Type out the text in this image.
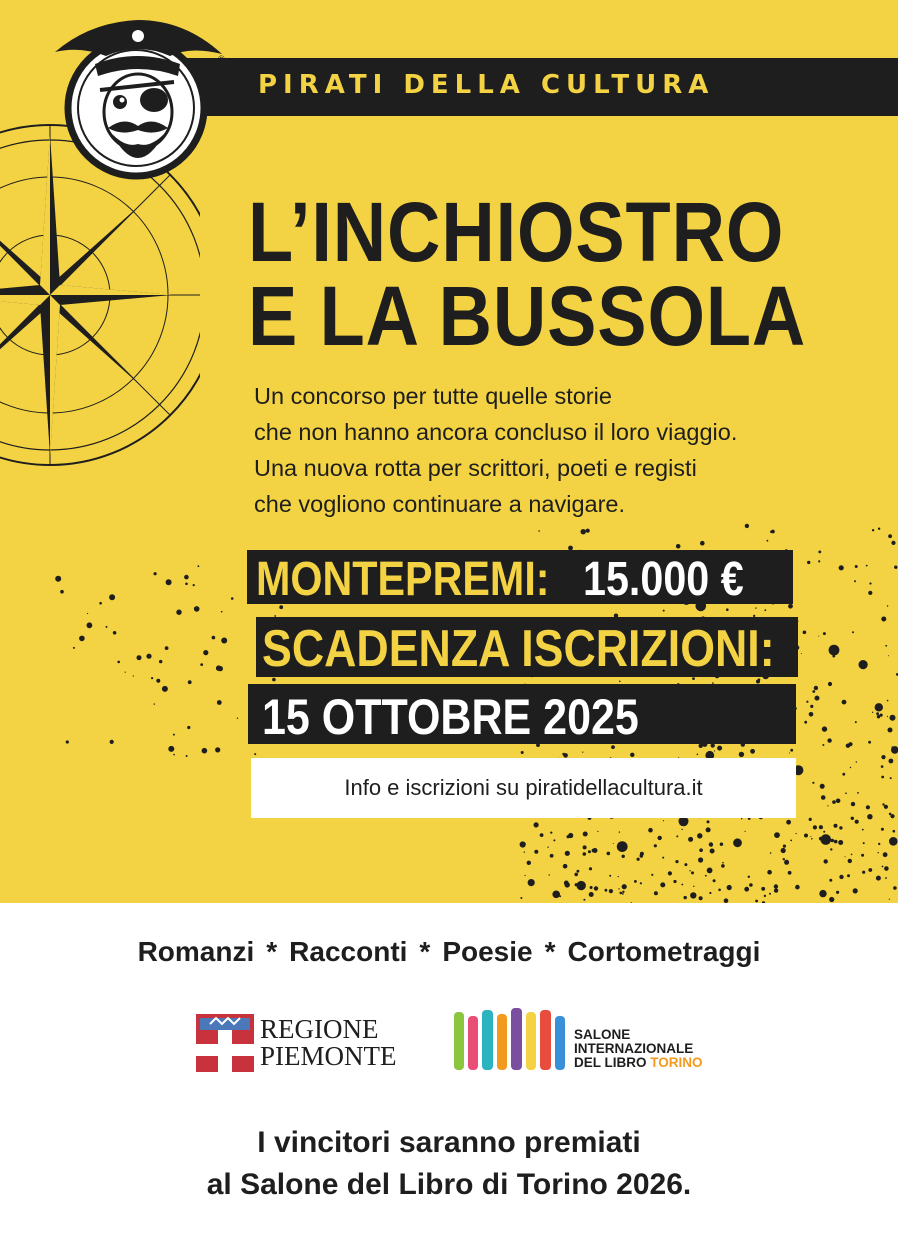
PIRATI DELLA CULTURA
®
L’INCHIOSTRO
E LA BUSSOLA
Un concorso per tutte quelle storie
che non hanno ancora concluso il loro viaggio.
Una nuova rotta per scrittori, poeti e registi
che vogliono continuare a navigare.
MONTEPREMI: 15.000 €
SCADENZA ISCRIZIONI:
15 OTTOBRE 2025
Info e iscrizioni su piratidellacultura.it
Romanzi * Racconti * Poesie * Cortometraggi
REGIONE
PIEMONTE
SALONE
INTERNAZIONALE
DEL LIBRO TORINO
I vincitori saranno premiati
al Salone del Libro di Torino 2026.
